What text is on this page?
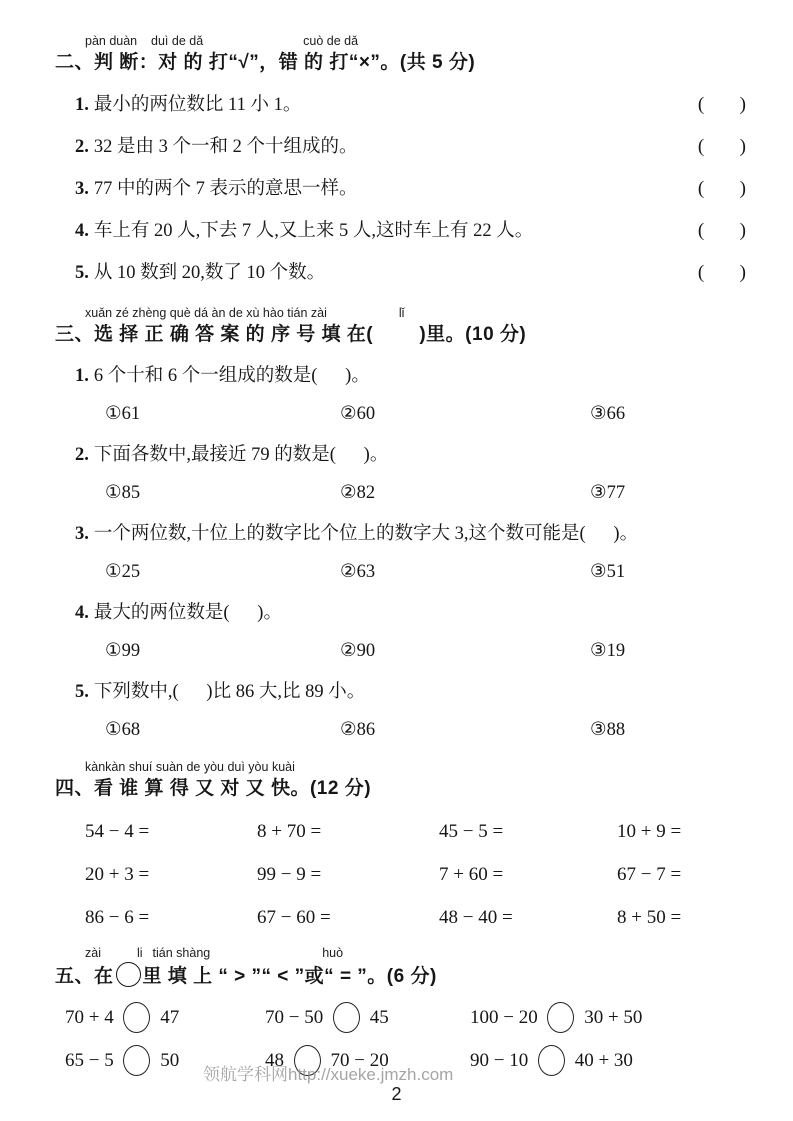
领航学科网http://xueke.jmzh.com
pàn duàn    duì de dǎ	cuò de dǎ
二、判 断：对 的 打“√”，错 的 打“×”。(共 5 分)
1. 最小的两位数比 11 小 1。	(      )
2. 32 是由 3 个一和 2 个十组成的。	(      )
3. 77 中的两个 7 表示的意思一样。	(      )
4. 车上有 20 人,下去 7 人,又上来 5 人,这时车上有 22 人。	(      )
5. 从 10 数到 20,数了 10 个数。	(      )
xuǎn zé zhèng què dá àn de xù hào tián zài	lǐ
三、选 择 正 确 答 案 的 序 号 填 在(        )里。(10 分)
1. 6 个十和 6 个一组成的数是(      )。
①61	②60	③66
2. 下面各数中,最接近 79 的数是(      )。
①85	②82	③77
3. 一个两位数,十位上的数字比个位上的数字大 3,这个数可能是(      )。
①25	②63	③51
4. 最大的两位数是(      )。
①99	②90	③19
5. 下列数中,(      )比 86 大,比 89 小。
①68	②86	③88
kànkàn shuí suàn de yòu duì yòu kuài
四、看 谁 算 得 又 对 又 快。(12 分)
54 − 4 =	8 + 70 =	45 − 5 =	10 + 9 =
20 + 3 =	99 − 9 =	7 + 60 =	67 − 7 =
86 − 6 =	67 − 60 =	48 − 40 =	8 + 50 =
zài	li tián shàng	huò
五、在 里 填 上 “ > ”“ < ”或“ = ”。(6 分)
70 + 4 47	70 − 50 45	100 − 20 30 + 50
65 − 5 50	48 70 − 20	90 − 10 40 + 30
2
